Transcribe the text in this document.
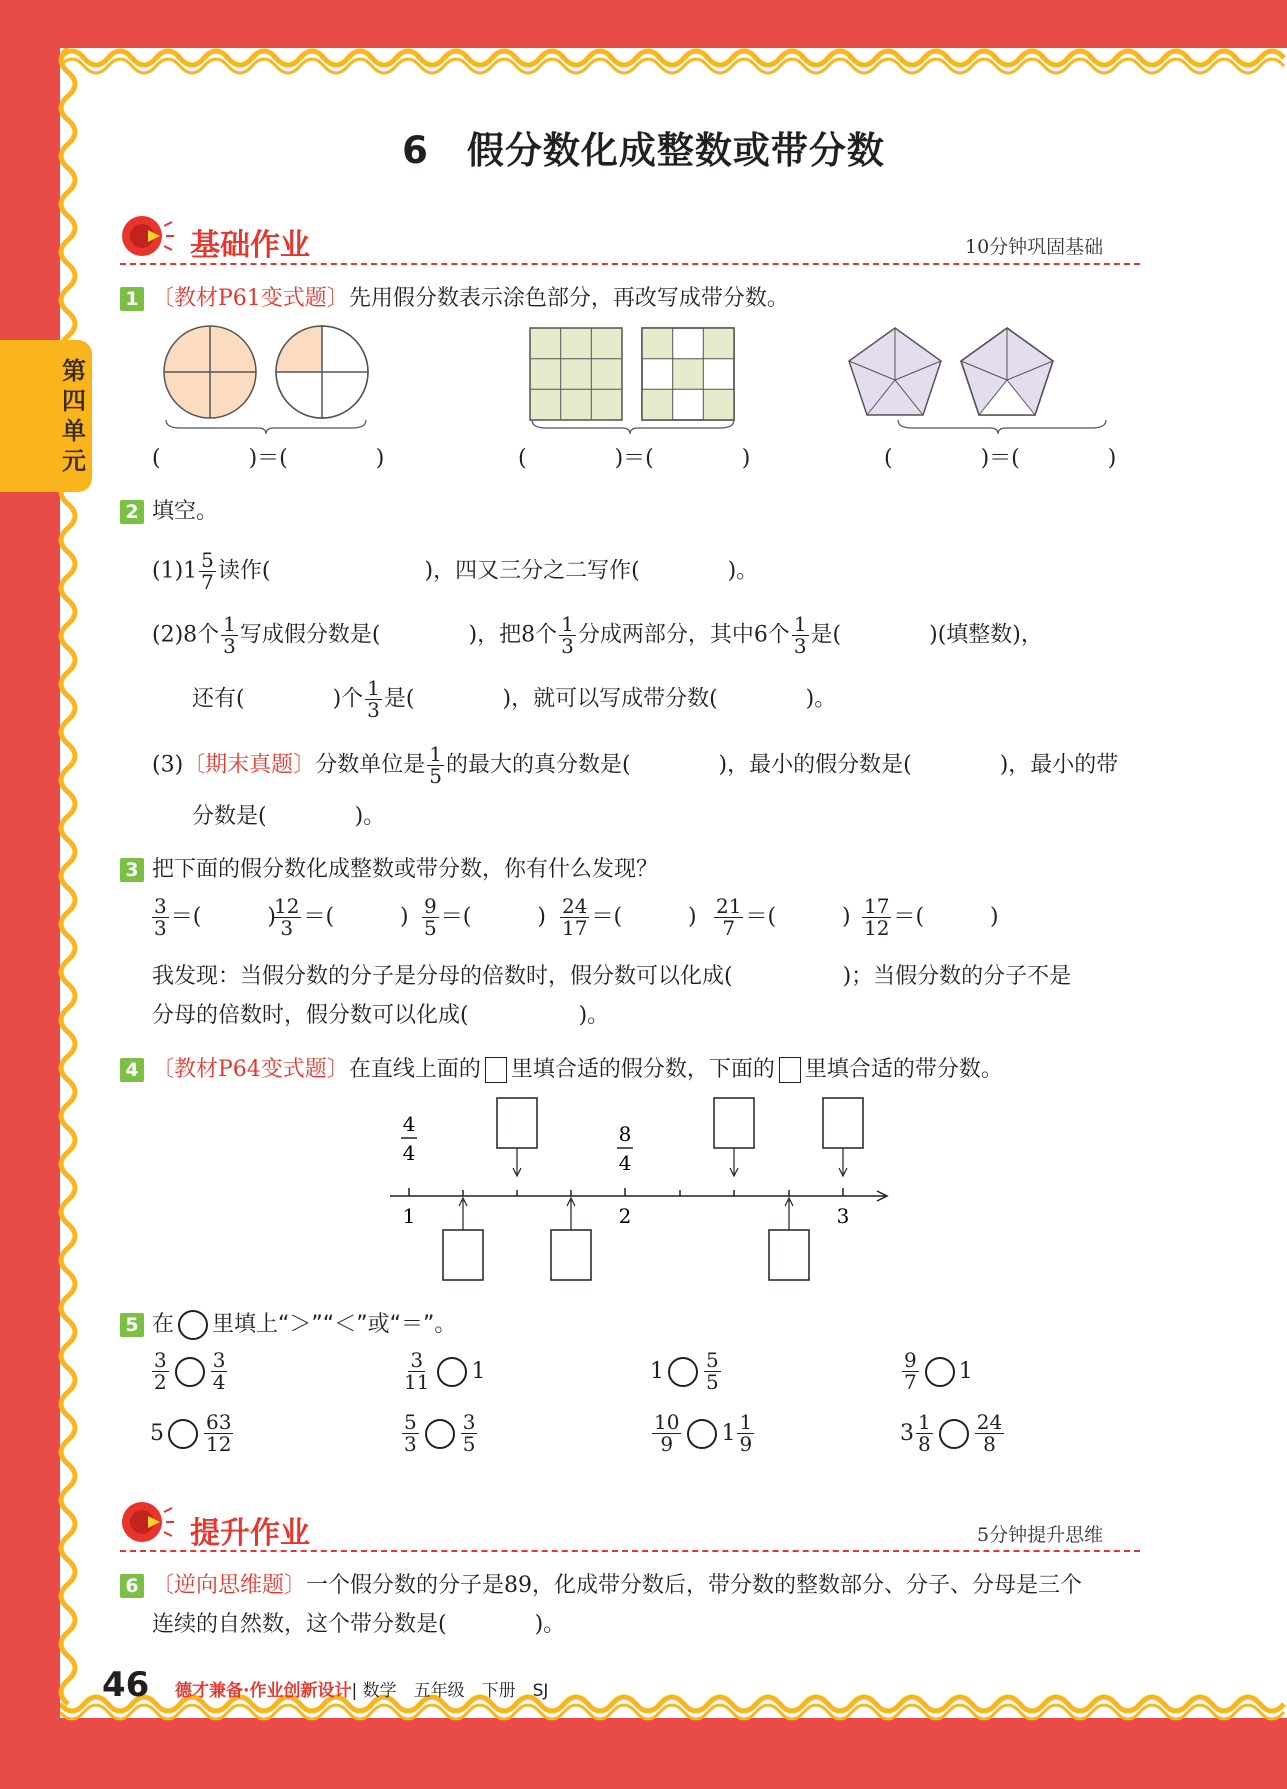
第四单元
6　假分数化成整数或带分数
基础作业	10分钟巩固基础
1 〔教材P61变式题〕先用假分数表示涂色部分，再改写成带分数。
(　　　　)＝(　　　　)	(　　　　)＝(　　　　)	(　　　　)＝(　　　　)
2 填空。
$(1)1 \frac{5}{7}$ 读作(　　　　　　　)，四又三分之二写作(　　　　)。
(2)8个 $\frac{1}{3}$ 写成假分数是(　　　　)，把8个 $\frac{1}{3}$ 分成两部分，其中6个 $\frac{1}{3}$ 是(　　　　)(填整数)，
还有(　　　　)个 $\frac{1}{3}$ 是(　　　　)，就可以写成带分数(　　　　)。
(3)〔期末真题〕分数单位是 $\frac{1}{5}$ 的最大的真分数是(　　　　)，最小的假分数是(　　　　)，最小的带
分数是(　　　　)。
3 把下面的假分数化成整数或带分数，你有什么发现？
$\frac{3}{3}$ ＝(　　　)
$\frac{12}{3}$ ＝(　　　) $\frac{9}{5}$ ＝(　　　) $\frac{24}{17}$ ＝(　　　) $\frac{21}{7}$ ＝(　　　) $\frac{17}{12}$ ＝(　　　)
我发现：当假分数的分子是分母的倍数时，假分数可以化成(　　　　　)；当假分数的分子不是
分母的倍数时，假分数可以化成(　　　　　)。
4 〔教材P64变式题〕在直线上面的 里填合适的假分数，下面的 里填合适的带分数。
4
4
8
4
1	2	3
5 在 里填上“＞”“＜”或“＝”。
$\frac{3}{2} \frac{3}{4}$	$\frac{3}{11} 1$	$1 \frac{5}{5}$	$\frac{9}{7} 1$
$5 \frac{63}{12}$	$\frac{5}{3} \frac{3}{5}$	$\frac{10}{9} 1 \frac{1}{9}$	$3 \frac{1}{8} \frac{24}{8}$
提升作业	5分钟提升思维
6 〔逆向思维题〕一个假分数的分子是89，化成带分数后，带分数的整数部分、分子、分母是三个
连续的自然数，这个带分数是(　　　　)。
46 德才兼备·作业创新设计| 数学　五年级　下册　SJ
